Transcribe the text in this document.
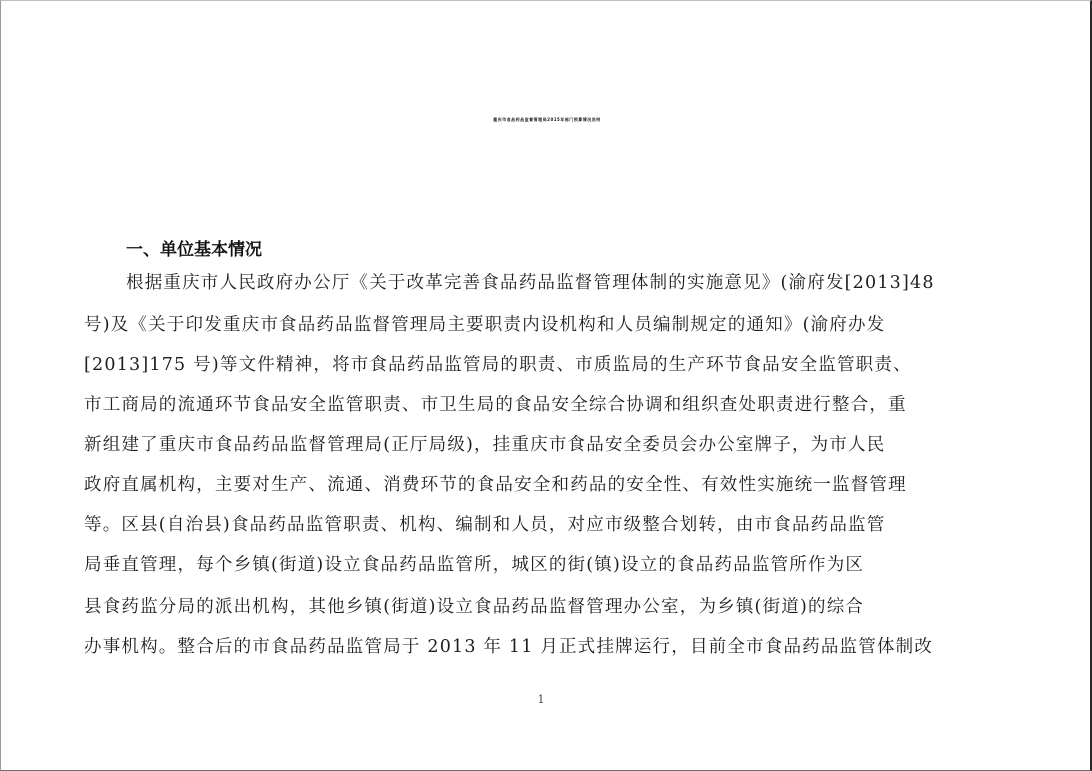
重庆市食品药品监督管理局2015年部门预算情况说明
一、单位基本情况
根据重庆市人民政府办公厅《关于改革完善食品药品监督管理体制的实施意见》(渝府发[2013]48
号)及《关于印发重庆市食品药品监督管理局主要职责内设机构和人员编制规定的通知》(渝府办发
[2013]175 号)等文件精神，将市食品药品监管局的职责、市质监局的生产环节食品安全监管职责、
市工商局的流通环节食品安全监管职责、市卫生局的食品安全综合协调和组织查处职责进行整合，重
新组建了重庆市食品药品监督管理局(正厅局级)，挂重庆市食品安全委员会办公室牌子，为市人民
政府直属机构，主要对生产、流通、消费环节的食品安全和药品的安全性、有效性实施统一监督管理
等。区县(自治县)食品药品监管职责、机构、编制和人员，对应市级整合划转，由市食品药品监管
局垂直管理，每个乡镇(街道)设立食品药品监管所，城区的街(镇)设立的食品药品监管所作为区
县食药监分局的派出机构，其他乡镇(街道)设立食品药品监督管理办公室，为乡镇(街道)的综合
办事机构。整合后的市食品药品监管局于 2013 年 11 月正式挂牌运行，目前全市食品药品监管体制改
1
